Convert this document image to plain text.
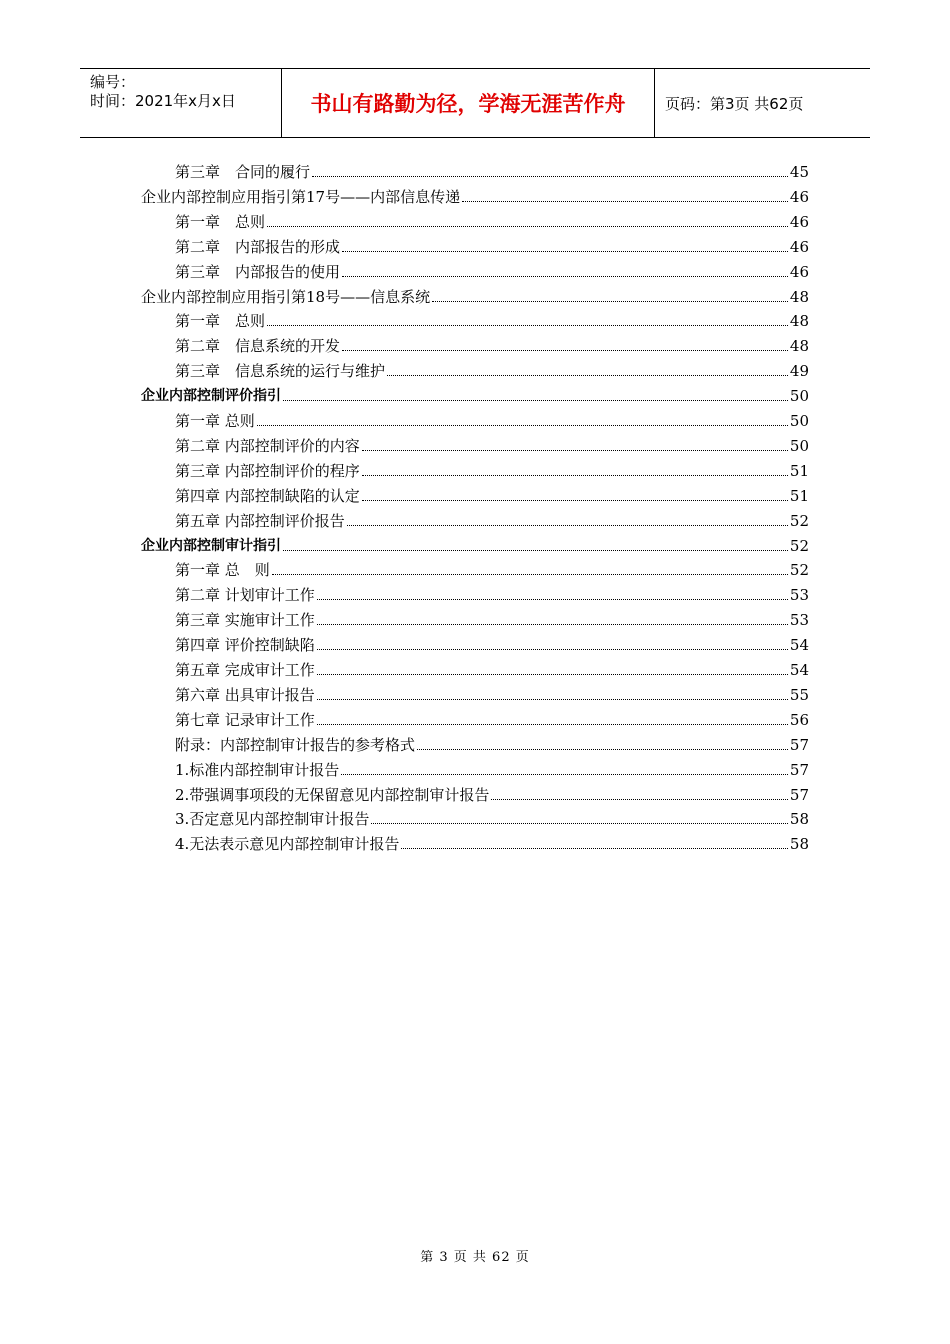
编号：
时间：2021年x月x日	书山有路勤为径，学海无涯苦作舟	页码：第3页 共62页
第三章　合同的履行	45
企业内部控制应用指引第17号——内部信息传递	46
第一章　总则	46
第二章　内部报告的形成	46
第三章　内部报告的使用	46
企业内部控制应用指引第18号——信息系统	48
第一章　总则	48
第二章　信息系统的开发	48
第三章　信息系统的运行与维护	49
企业内部控制评价指引	50
第一章 总则	50
第二章 内部控制评价的内容	50
第三章 内部控制评价的程序	51
第四章 内部控制缺陷的认定	51
第五章 内部控制评价报告	52
企业内部控制审计指引	52
第一章 总　则	52
第二章 计划审计工作	53
第三章 实施审计工作	53
第四章 评价控制缺陷	54
第五章 完成审计工作	54
第六章 出具审计报告	55
第七章 记录审计工作	56
附录：内部控制审计报告的参考格式	57
1.标准内部控制审计报告	57
2.带强调事项段的无保留意见内部控制审计报告	57
3.否定意见内部控制审计报告	58
4.无法表示意见内部控制审计报告	58
第 3 页 共 62 页
